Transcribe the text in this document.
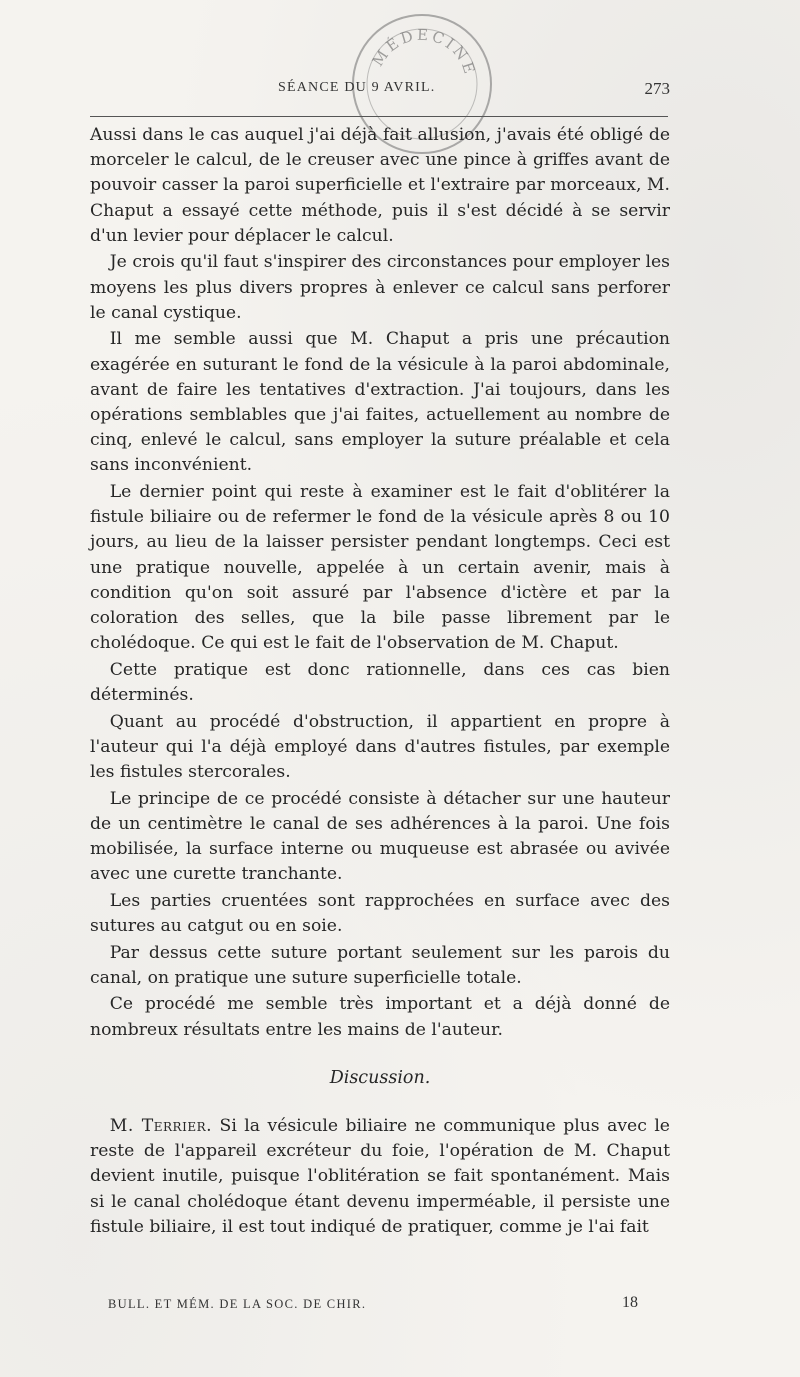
MÉDECINE
SÉANCE DU 9 AVRIL.	273

Aussi dans le cas auquel j'ai déjà fait allusion, j'avais été obligé de morceler le calcul, de le creuser avec une pince à griffes avant de pouvoir casser la paroi superficielle et l'extraire par morceaux, M. Chaput a essayé cette méthode, puis il s'est décidé à se servir d'un levier pour déplacer le calcul.

Je crois qu'il faut s'inspirer des circonstances pour employer les moyens les plus divers propres à enlever ce calcul sans perforer le canal cystique.

Il me semble aussi que M. Chaput a pris une précaution exagérée en suturant le fond de la vésicule à la paroi abdominale, avant de faire les tentatives d'extraction. J'ai toujours, dans les opérations semblables que j'ai faites, actuellement au nombre de cinq, enlevé le calcul, sans employer la suture préalable et cela sans inconvénient.

Le dernier point qui reste à examiner est le fait d'oblitérer la fistule biliaire ou de refermer le fond de la vésicule après 8 ou 10 jours, au lieu de la laisser persister pendant longtemps. Ceci est une pratique nouvelle, appelée à un certain avenir, mais à condition qu'on soit assuré par l'absence d'ictère et par la coloration des selles, que la bile passe librement par le cholédoque. Ce qui est le fait de l'observation de M. Chaput.

Cette pratique est donc rationnelle, dans ces cas bien déterminés.

Quant au procédé d'obstruction, il appartient en propre à l'auteur qui l'a déjà employé dans d'autres fistules, par exemple les fistules stercorales.

Le principe de ce procédé consiste à détacher sur une hauteur de un centimètre le canal de ses adhérences à la paroi. Une fois mobilisée, la surface interne ou muqueuse est abrasée ou avivée avec une curette tranchante.

Les parties cruentées sont rapprochées en surface avec des sutures au catgut ou en soie.

Par dessus cette suture portant seulement sur les parois du canal, on pratique une suture superficielle totale.

Ce procédé me semble très important et a déjà donné de nombreux résultats entre les mains de l'auteur.

Discussion.

M. Terrier. Si la vésicule biliaire ne communique plus avec le reste de l'appareil excréteur du foie, l'opération de M. Chaput devient inutile, puisque l'oblitération se fait spontanément. Mais si le canal cholédoque étant devenu imperméable, il persiste une fistule biliaire, il est tout indiqué de pratiquer, comme je l'ai fait

BULL. ET MÉM. DE LA SOC. DE CHIR.	18
